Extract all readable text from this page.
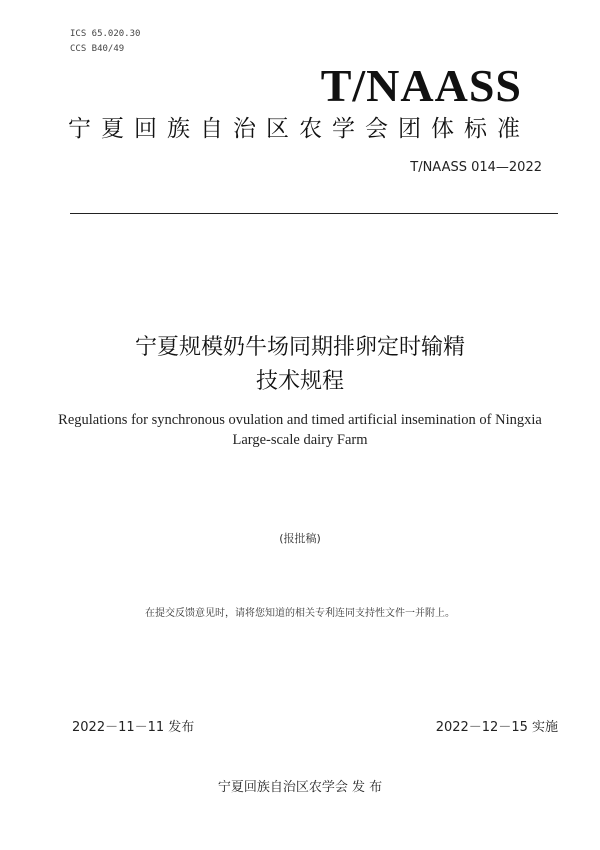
ICS 65.020.30
CCS B40/49
T/NAASS
宁夏回族自治区农学会团体标准
T/NAASS 014—2022
宁夏规模奶牛场同期排卵定时输精
技术规程
Regulations for synchronous ovulation and timed artificial insemination of Ningxia
Large-scale dairy Farm
(报批稿)
在提交反馈意见时，请将您知道的相关专利连同支持性文件一并附上。
2022－11－11 发布	2022－12－15 实施
宁夏回族自治区农学会 发 布
